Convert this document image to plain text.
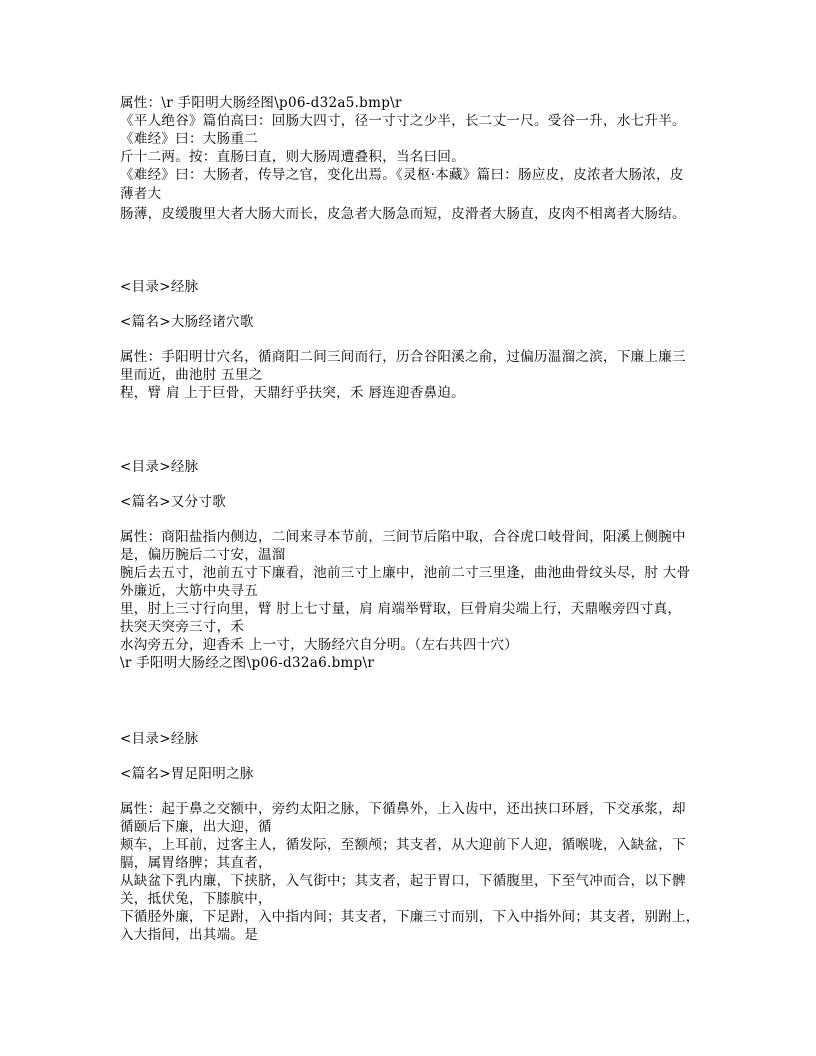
属性：\r 手阳明大肠经图\p06-d32a5.bmp\r
《平人绝谷》篇伯高曰：回肠大四寸，径一寸寸之少半，长二丈一尺。受谷一升，水七升半。
《难经》曰：大肠重二
斤十二两。按：直肠曰直，则大肠周遭叠积，当名曰回。
《难经》曰：大肠者，传导之官，变化出焉。《灵枢·本藏》篇曰：肠应皮，皮浓者大肠浓，皮
薄者大
肠薄，皮缓腹里大者大肠大而长，皮急者大肠急而短，皮滑者大肠直，皮肉不相离者大肠结。
<目录>经脉
<篇名>大肠经诸穴歌
属性：手阳明廿穴名，循商阳二间三间而行，历合谷阳溪之俞，过偏历温溜之滨，下廉上廉三
里而近，曲池肘 五里之
程，臂 肩 上于巨骨，天鼎纡乎扶突，禾 唇连迎香鼻迫。
<目录>经脉
<篇名>又分寸歌
属性：商阳盐指内侧边，二间来寻本节前，三间节后陷中取，合谷虎口岐骨间，阳溪上侧腕中
是，偏历腕后二寸安，温溜
腕后去五寸，池前五寸下廉看，池前三寸上廉中，池前二寸三里逢，曲池曲骨纹头尽，肘 大骨
外廉近，大筋中央寻五
里，肘上三寸行向里，臂 肘上七寸量，肩 肩端举臂取，巨骨肩尖端上行，天鼎喉旁四寸真，
扶突天突旁三寸，禾
水沟旁五分，迎香禾 上一寸，大肠经穴自分明。（左右共四十穴）
\r 手阳明大肠经之图\p06-d32a6.bmp\r
<目录>经脉
<篇名>胃足阳明之脉
属性：起于鼻之交额中，旁约太阳之脉，下循鼻外，上入齿中，还出挟口环唇，下交承浆，却
循颐后下廉，出大迎，循
颊车，上耳前，过客主人，循发际，至额颅；其支者，从大迎前下人迎，循喉咙，入缺盆，下
膈，属胃络脾；其直者，
从缺盆下乳内廉，下挟脐，入气街中；其支者，起于胃口，下循腹里，下至气冲而合，以下髀
关，抵伏兔，下膝膑中，
下循胫外廉，下足跗，入中指内间；其支者，下廉三寸而别，下入中指外间；其支者，别跗上，
入大指间，出其端。是
